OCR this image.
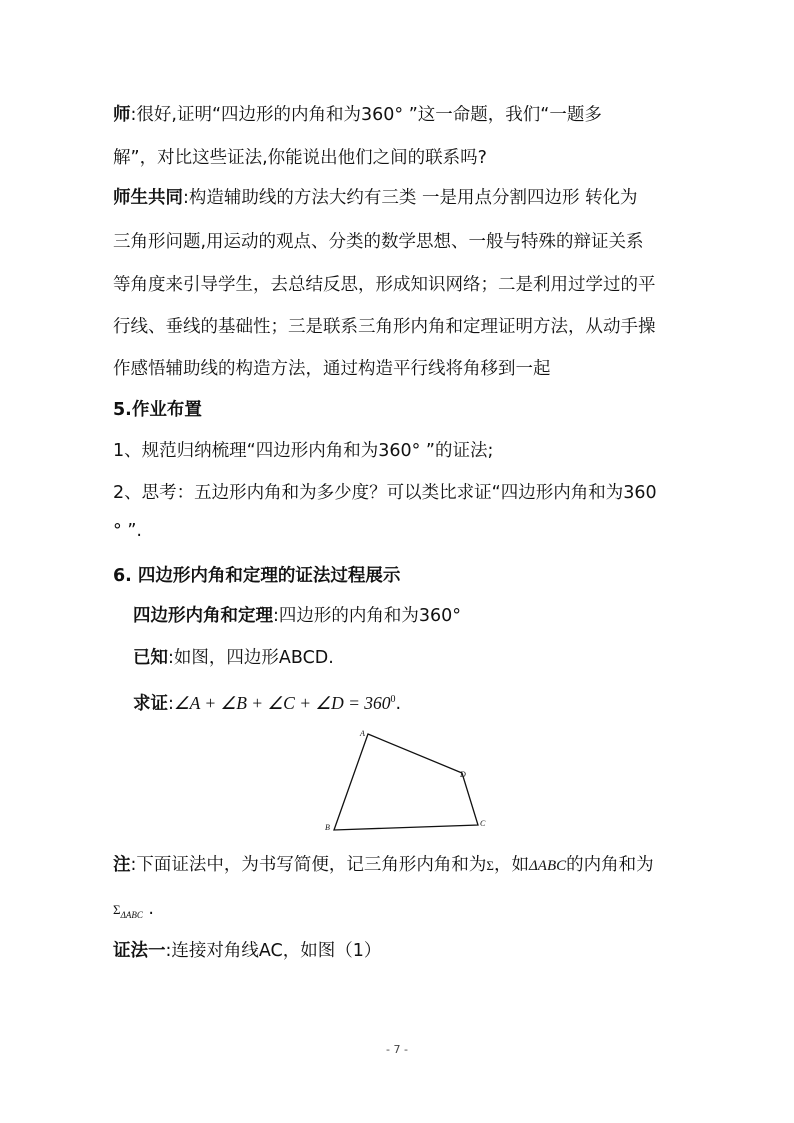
师:很好,证明“四边形的内角和为360° ”这一命题，我们“一题多
解”，对比这些证法,你能说出他们之间的联系吗?
师生共同:构造辅助线的方法大约有三类 一是用点分割四边形 转化为
三角形问题,用运动的观点、分类的数学思想、一般与特殊的辩证关系
等角度来引导学生，去总结反思，形成知识网络；二是利用过学过的平
行线、垂线的基础性；三是联系三角形内角和定理证明方法，从动手操
作感悟辅助线的构造方法，通过构造平行线将角移到一起
5.作业布置
1、规范归纳梳理“四边形内角和为360° ”的证法;
2、思考：五边形内角和为多少度？可以类比求证“四边形内角和为360
° ”.
6. 四边形内角和定理的证法过程展示
四边形内角和定理:四边形的内角和为360°
已知:如图，四边形ABCD.
求证:∠A + ∠B + ∠C + ∠D = $360^0$.
A
B	C
D
注:下面证法中，为书写简便，记三角形内角和为Σ，如ΔABC的内角和为
$\Sigma_{\Delta ABC}$ .
证法一:连接对角线AC，如图（1）
- 7 -
